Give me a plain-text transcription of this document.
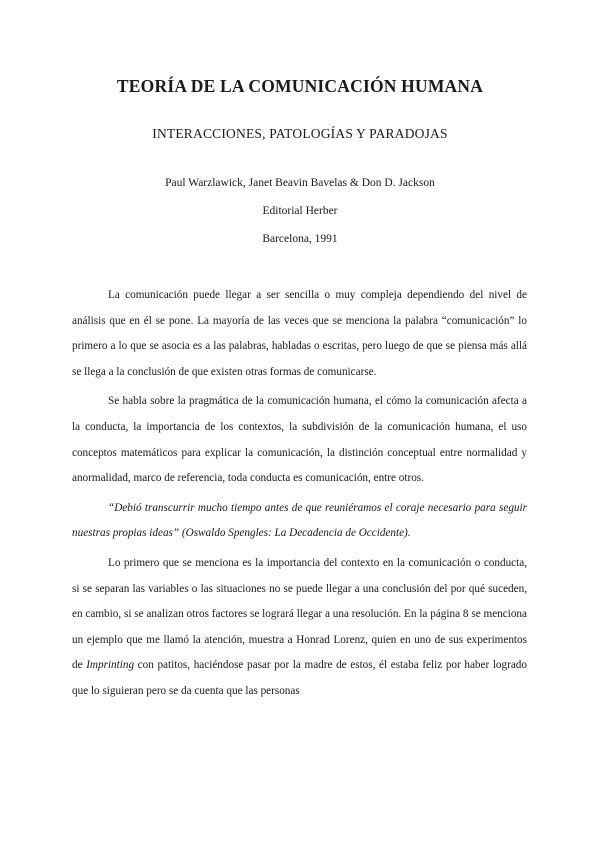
TEORÍA DE LA COMUNICACIÓN HUMANA
INTERACCIONES, PATOLOGÍAS Y PARADOJAS
Paul Warzlawick, Janet Beavin Bavelas & Don D. Jackson
Editorial Herber
Barcelona, 1991

La comunicación puede llegar a ser sencilla o muy compleja dependiendo del nivel de análisis que en él se pone. La mayoría de las veces que se menciona la palabra “comunicación” lo primero a lo que se asocia es a las palabras, habladas o escritas, pero luego de que se piensa más allá se llega a la conclusión de que existen otras formas de comunicarse.

Se habla sobre la pragmática de la comunicación humana, el cómo la comunicación afecta a la conducta, la importancia de los contextos, la subdivisión de la comunicación humana, el uso conceptos matemáticos para explicar la comunicación, la distinción conceptual entre normalidad y anormalidad, marco de referencia, toda conducta es comunicación, entre otros.

“Debió transcurrir mucho tiempo antes de que reuniéramos el coraje necesario para seguir nuestras propias ideas” (Oswaldo Spengles: La Decadencia de Occidente).

Lo primero que se menciona es la importancia del contexto en la comunicación o conducta, si se separan las variables o las situaciones no se puede llegar a una conclusión del por qué suceden, en cambio, si se analizan otros factores se logrará llegar a una resolución. En la página 8 se menciona un ejemplo que me llamó la atención, muestra a Honrad Lorenz, quien en uno de sus experimentos de Imprinting con patitos, haciéndose pasar por la madre de estos, él estaba feliz por haber logrado que lo siguieran pero se da cuenta que las personas
